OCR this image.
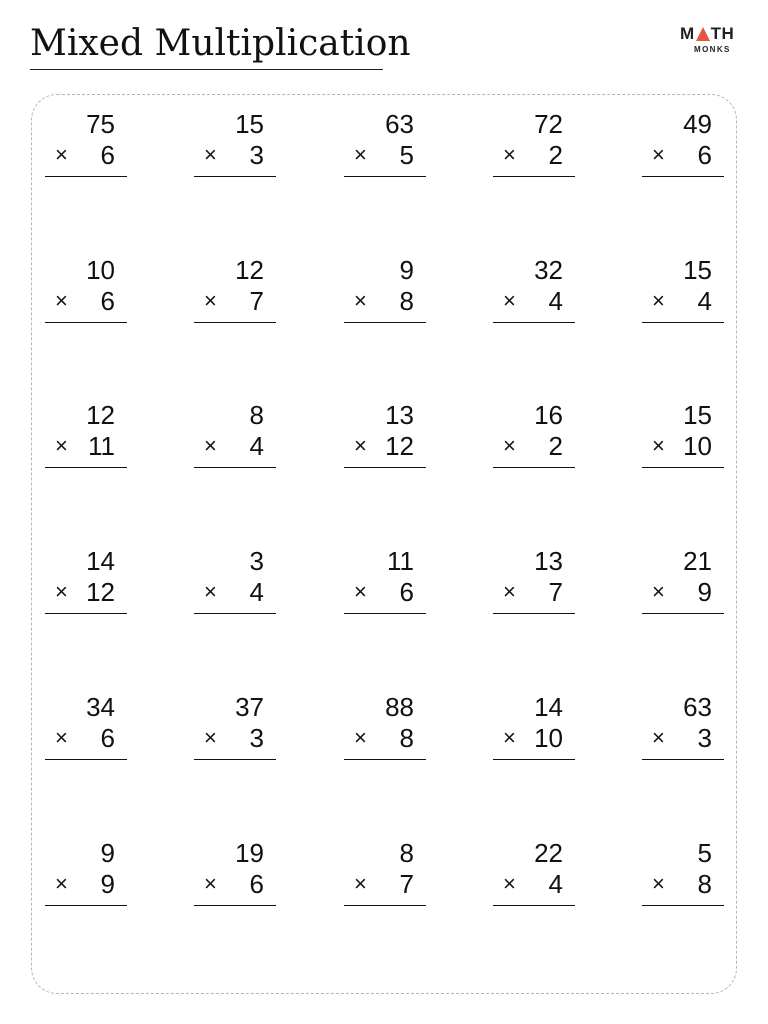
Mixed Multiplication	M TH
MONKS
75
× 6
15
× 3
63
× 5
72
× 2
49
× 6
10
× 6
12
× 7
9
× 8
32
× 4
15
× 4
12
× 11
8
× 4
13
× 12
16
× 2
15
× 10
14
× 12
3
× 4
11
× 6
13
× 7
21
× 9
34
× 6
37
× 3
88
× 8
14
× 10
63
× 3
9
× 9
19
× 6
8
× 7
22
× 4
5
× 8
